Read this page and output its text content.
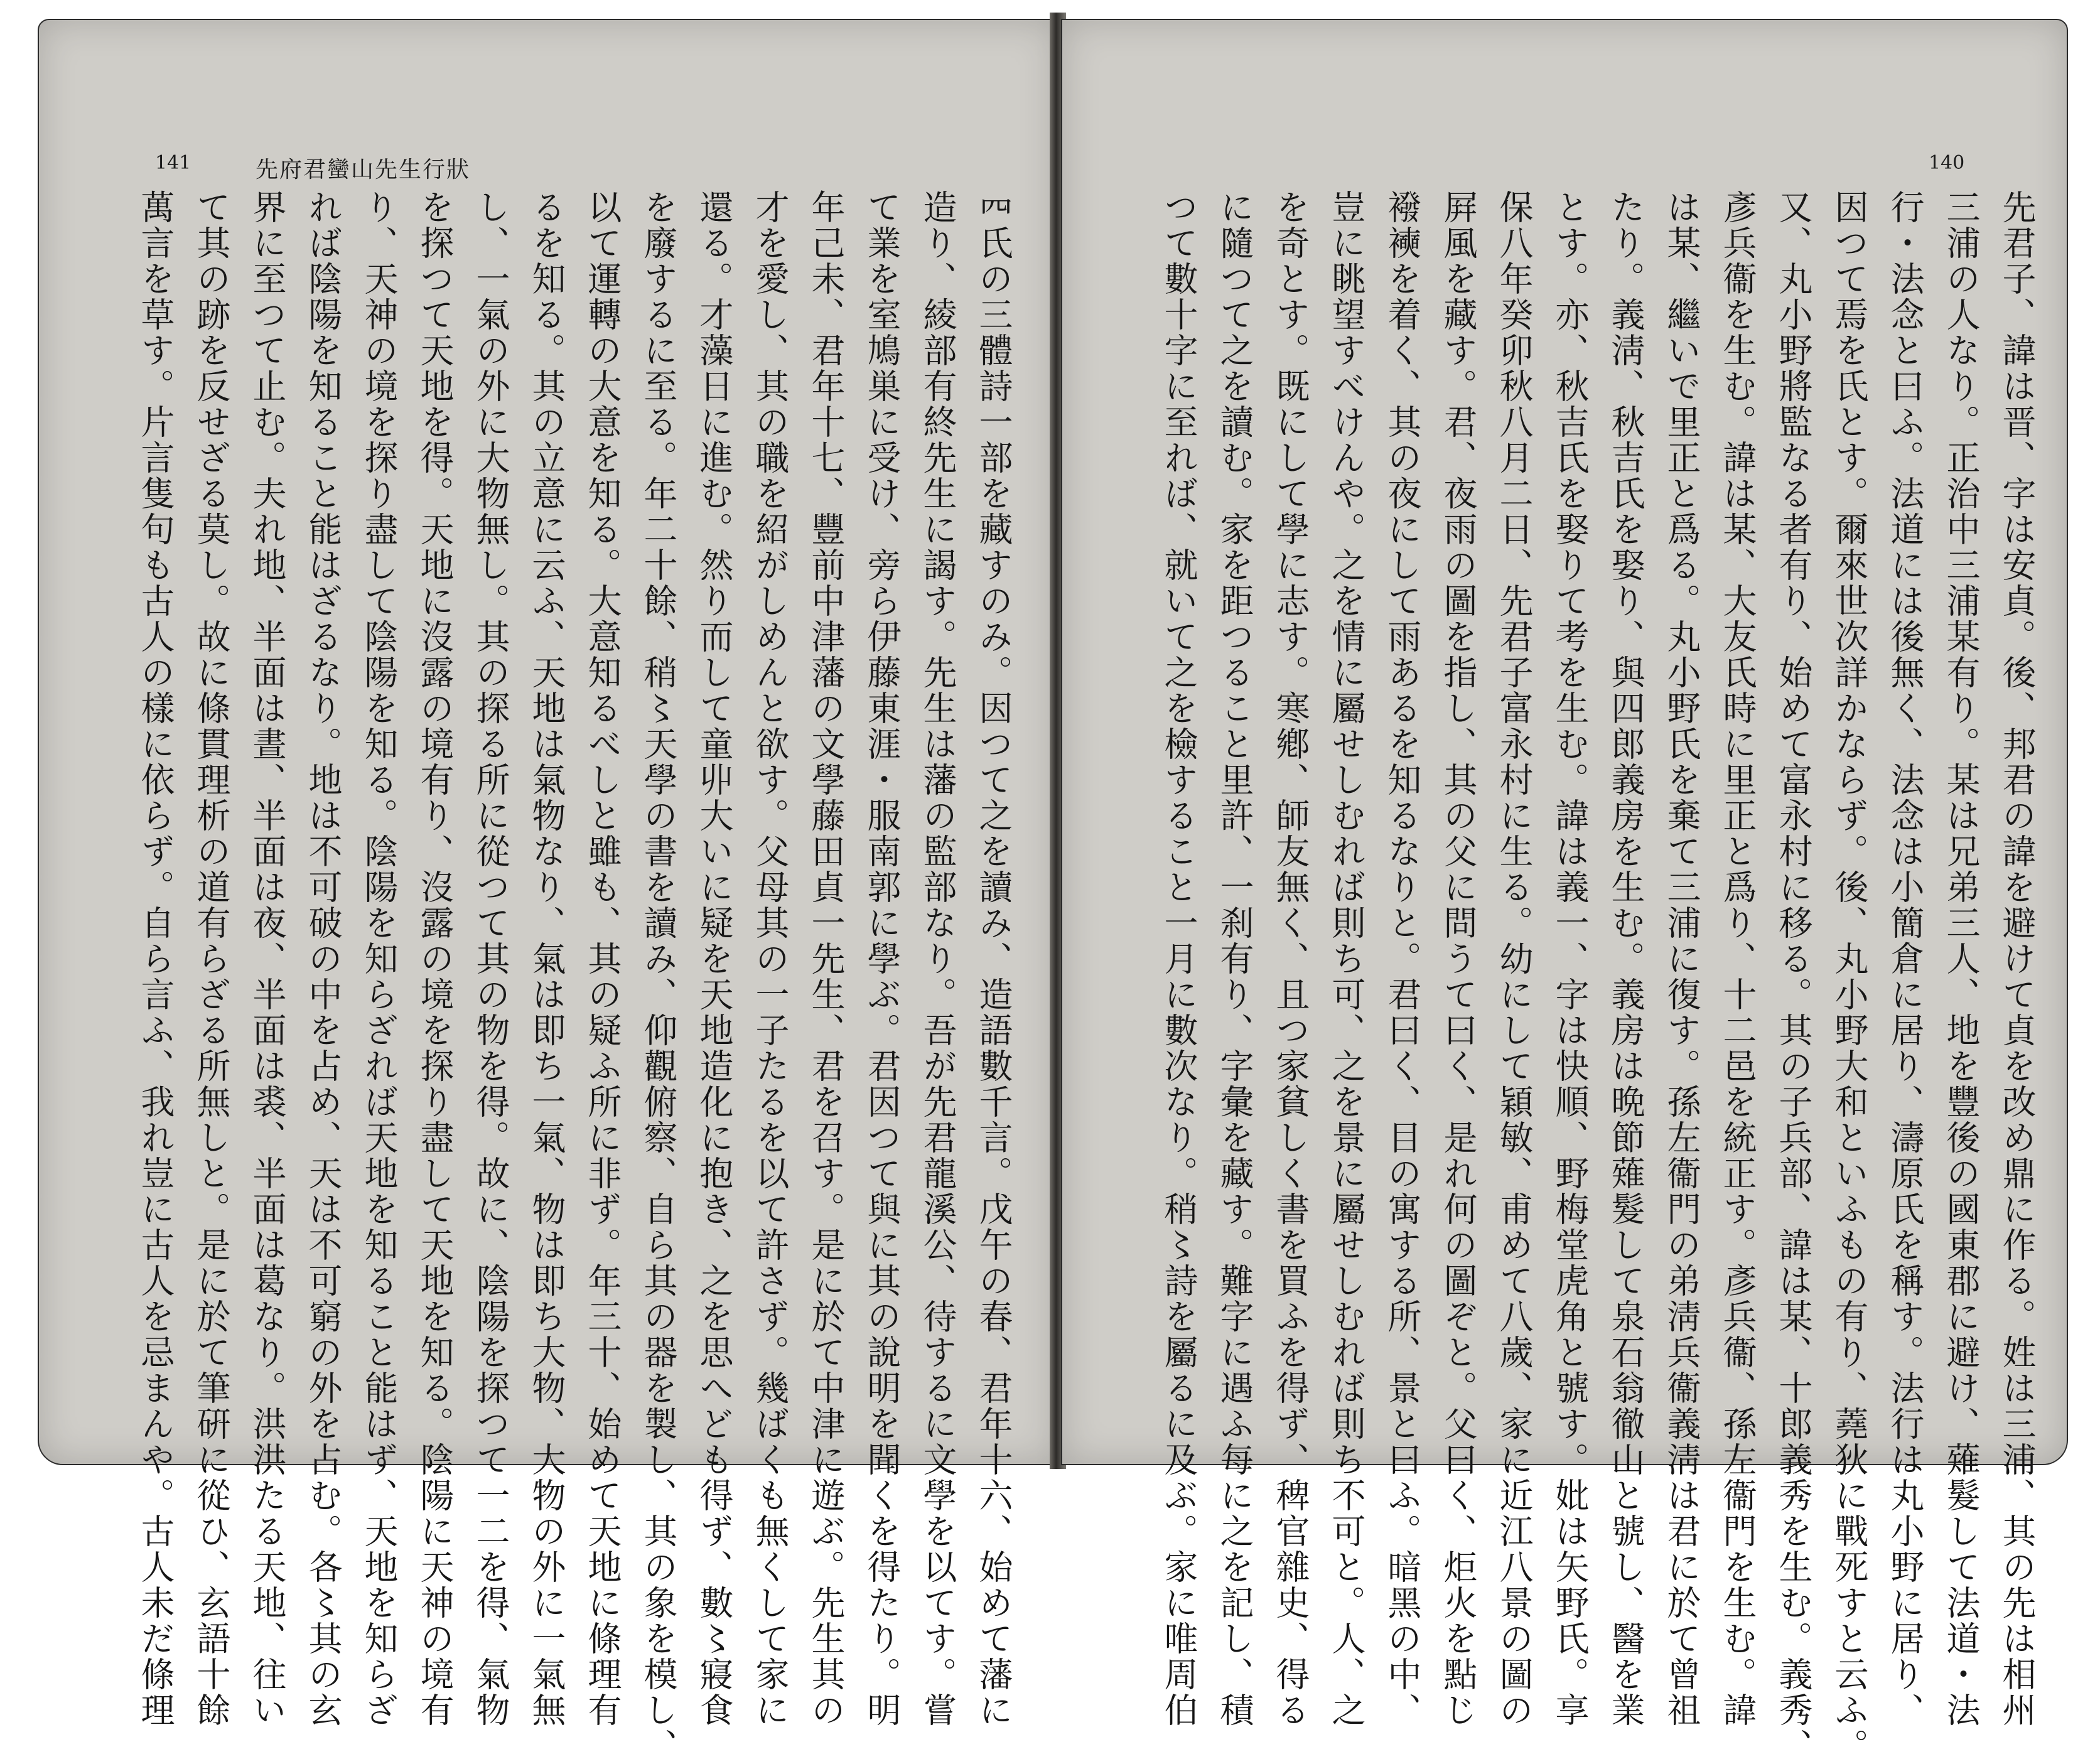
141	先府君蠻山先生行狀
𦉪氏の三體詩一部を藏すのみ。因つて之を讀み、造語數千言。戊午の春、君年十六、始めて藩に
造り、綾部有終先生に謁す。先生は藩の監部なり。吾が先君龍溪公、待するに文學を以てす。嘗
て業を室鳩巣に受け、旁ら伊藤東涯・服南郭に學ぶ。君因つて與に其の說明を聞くを得たり。明
年己未、君年十七、豐前中津藩の文學藤田貞一先生、君を召す。是に於て中津に遊ぶ。先生其の
才を愛し、其の職を紹がしめんと欲す。父母其の一子たるを以て許さず。幾ばくも無くして家に
還る。才藻日に進む。然り而して童丱大いに疑を天地造化に抱き、之を思へども得ず、數〻寢食
を廢するに至る。年二十餘、稍〻天學の書を讀み、仰觀俯察、自ら其の器を製し、其の象を模し、
以て運轉の大意を知る。大意知るべしと雖も、其の疑ふ所に非ず。年三十、始めて天地に條理有
るを知る。其の立意に云ふ、天地は氣物なり、氣は即ち一氣、物は即ち大物、大物の外に一氣無
し、一氣の外に大物無し。其の探る所に從つて其の物を得。故に、陰陽を探つて一二を得、氣物
を探つて天地を得。天地に沒露の境有り、沒露の境を探り盡して天地を知る。陰陽に天神の境有
り、天神の境を探り盡して陰陽を知る。陰陽を知らざれば天地を知ること能はず、天地を知らざ
れば陰陽を知ること能はざるなり。地は不可破の中を占め、天は不可窮の外を占む。各〻其の玄
界に至つて止む。夫れ地、半面は晝、半面は夜、半面は裘、半面は葛なり。洪洪たる天地、往い
て其の跡を反せざる莫し。故に條貫理析の道有らざる所無しと。是に於て筆硏に從ひ、玄語十餘
萬言を草す。片言隻句も古人の樣に依らず。自ら言ふ、我れ豈に古人を忌まんや。古人未だ條理
140
先君子、諱は晋、字は安貞。後、邦君の諱を避けて貞を改め鼎に作る。姓は三浦、其の先は相州
三浦の人なり。正治中三浦某有り。某は兄弟三人、地を豐後の國東郡に避け、薙髮して法道・法
行・法念と曰ふ。法道には後無く、法念は小簡倉に居り、濤原氏を稱す。法行は丸小野に居り、
因つて焉を氏とす。爾來世次詳かならず。後、丸小野大和といふもの有り、蕘狄に戰死すと云ふ。
又、丸小野將監なる者有り、始めて富永村に移る。其の子兵部、諱は某、十郎義秀を生む。義秀、
彥兵衞を生む。諱は某、大友氏時に里正と爲り、十二邑を統正す。彥兵衞、孫左衞門を生む。諱
は某、繼いで里正と爲る。丸小野氏を棄て三浦に復す。孫左衞門の弟淸兵衞義淸は君に於て曾祖
たり。義淸、秋吉氏を娶り、與四郎義房を生む。義房は晩節薙髮して泉石翁徹山と號し、醫を業
とす。亦、秋吉氏を娶りて考を生む。諱は義一、字は快順、野梅堂虎角と號す。妣は矢野氏。享
保八年癸卯秋八月二日、先君子富永村に生る。幼にして穎敏、甫めて八歲、家に近江八景の圖の
屛風を藏す。君、夜雨の圖を指し、其の父に問うて曰く、是れ何の圖ぞと。父曰く、炬火を點じ
襏襫を着く、其の夜にして雨あるを知るなりと。君曰く、目の寓する所、景と曰ふ。暗黑の中、
豈に眺望すべけんや。之を情に屬せしむれば則ち可、之を景に屬せしむれば則ち不可と。人、之
を奇とす。既にして學に志す。寒鄕、師友無く、且つ家貧しく書を買ふを得ず、稗官雜史、得る
に隨つて之を讀む。家を距つること里許、一刹有り、字彙を藏す。難字に遇ふ每に之を記し、積
つて數十字に至れば、就いて之を檢すること一月に數次なり。稍〻詩を屬るに及ぶ。家に唯周伯
